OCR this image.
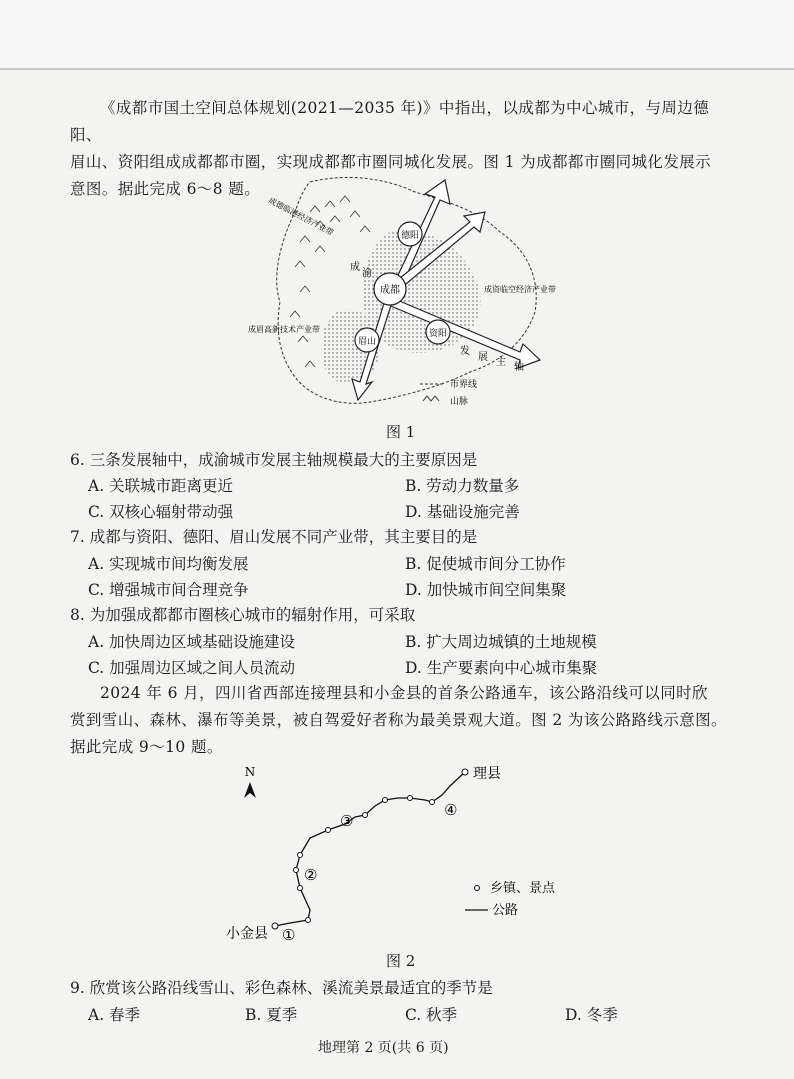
《成都市国土空间总体规划(2021—2035 年)》中指出，以成都为中心城市，与周边德阳、
眉山、资阳组成成都都市圈，实现成都都市圈同城化发展。图 1 为成都都市圈同城化发展示
意图。据此完成 6～8 题。
成都
德阳
资阳
眉山
发
展 主 轴
成
渝
成德临港经济产业带
成资临空经济产业带
成眉高新技术产业带
市界线
山脉
图 1
6. 三条发展轴中，成渝城市发展主轴规模最大的主要原因是
A. 关联城市距离更近	B. 劳动力数量多
C. 双核心辐射带动强	D. 基础设施完善
7. 成都与资阳、德阳、眉山发展不同产业带，其主要目的是
A. 实现城市间均衡发展	B. 促使城市间分工协作
C. 增强城市间合理竞争	D. 加快城市间空间集聚
8. 为加强成都都市圈核心城市的辐射作用，可采取
A. 加快周边区域基础设施建设	B. 扩大周边城镇的土地规模
C. 加强周边区域之间人员流动	D. 生产要素向中心城市集聚
2024 年 6 月，四川省西部连接理县和小金县的首条公路通车，该公路沿线可以同时欣
赏到雪山、森林、瀑布等美景，被自驾爱好者称为最美景观大道。图 2 为该公路路线示意图。
据此完成 9～10 题。
N
小金县
理县
①
②
③
④
乡镇、景点
公路
图 2
9. 欣赏该公路沿线雪山、彩色森林、溪流美景最适宜的季节是
A. 春季	B. 夏季	C. 秋季	D. 冬季
地理第 2 页(共 6 页)
